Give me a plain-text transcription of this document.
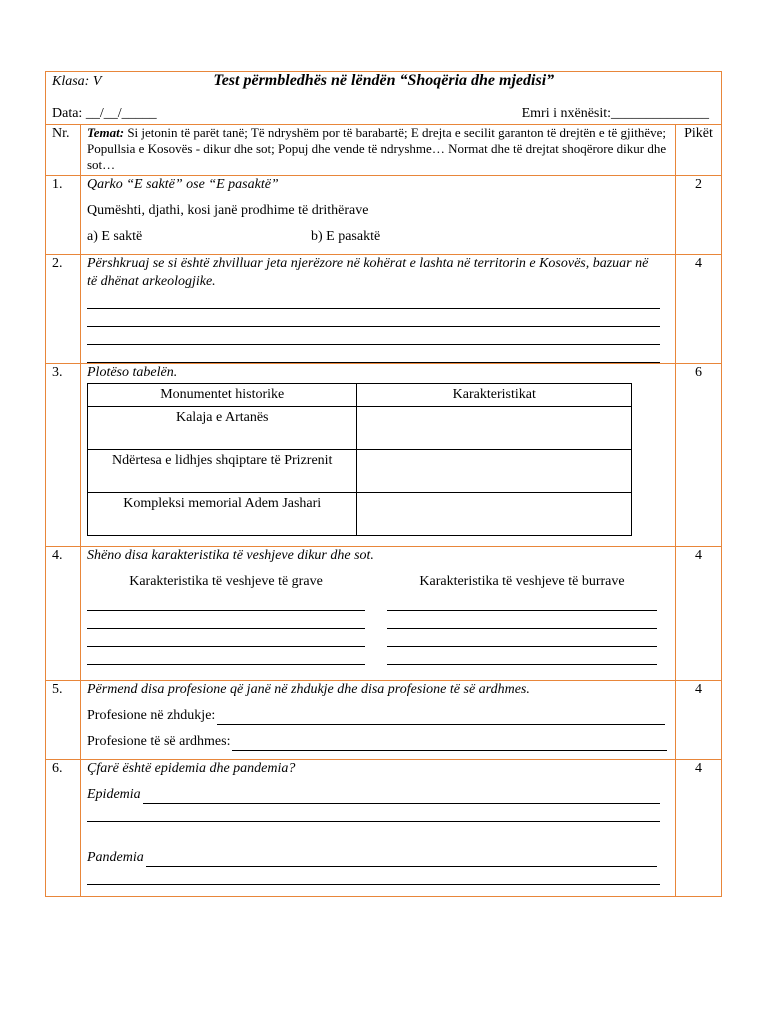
Klasa: V	Test përmbledhës në lëndën “Shoqëria dhe mjedisi”
Data: __/__/_____	Emri i nxënësit:______________

Nr.	Temat: Si jetonin të parët tanë; Të ndryshëm por të barabartë; E drejta e secilit garanton të drejtën e të gjithëve; Popullsia e Kosovës - dikur dhe sot; Popuj dhe vende të ndryshme… Normat dhe të drejtat shoqërore dikur dhe sot…	Pikët
1.	Qarko “E saktë” ose “E pasaktë”
Qumështi, djathi, kosi janë prodhime të drithërave
a) E saktë	b) E pasaktë
	2
2.	Përshkruaj se si është zhvilluar jeta njerëzore në kohërat e lashta në territorin e Kosovës, bazuar në të dhënat arkeologjike.
	4
3.	Plotëso tabelën.
Monumentet historike	Karakteristikat
Kalaja e Artanës	
Ndërtesa e lidhjes shqiptare të Prizrenit	
Kompleksi memorial Adem Jashari	
	6
4.	Shëno disa karakteristika të veshjeve dikur dhe sot.
Karakteristika të veshjeve të grave	Karakteristika të veshjeve të burrave
	4
5.	Përmend disa profesione që janë në zhdukje dhe disa profesione të së ardhmes.
Profesione në zhdukje:
Profesione të së ardhmes:
	4
6.	Çfarë është epidemia dhe pandemia?
Epidemia
Pandemia
	4
